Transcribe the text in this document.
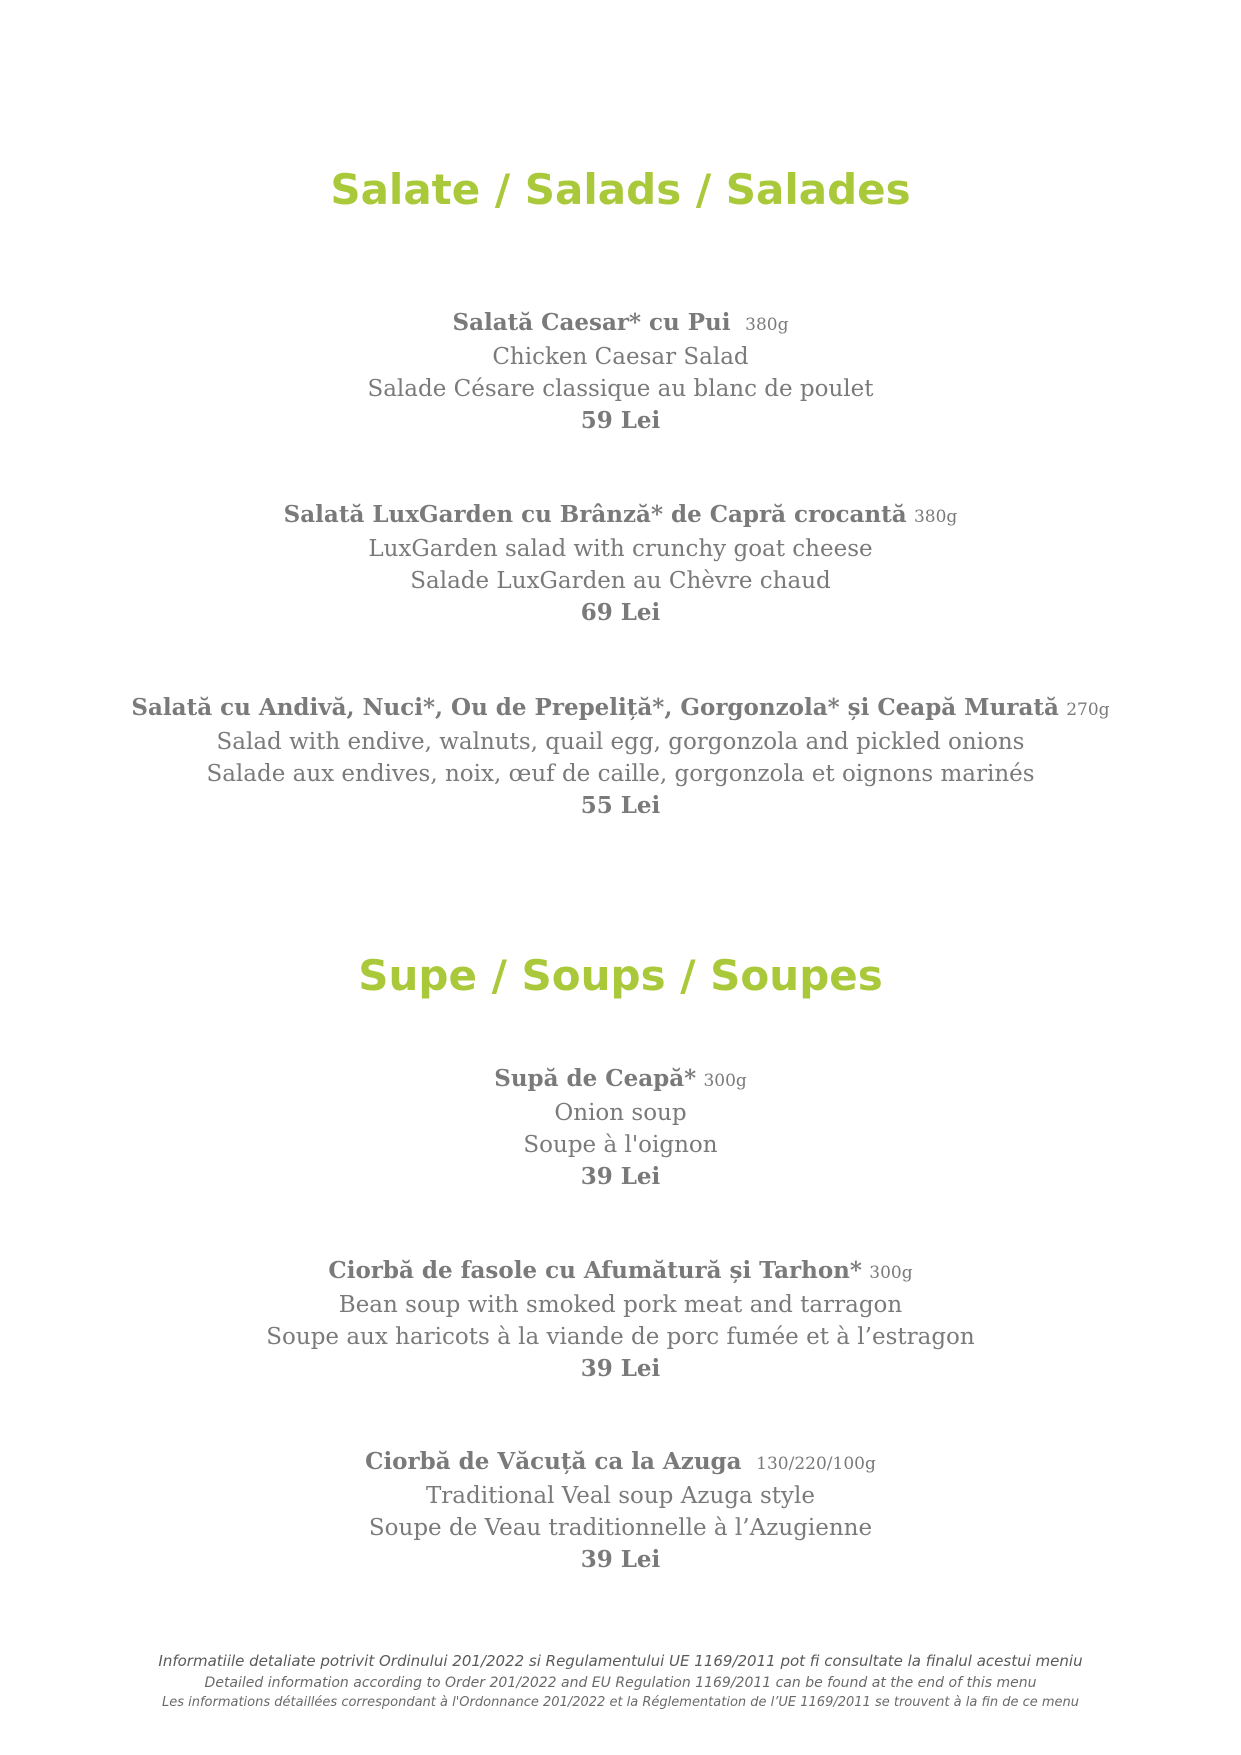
Salate / Salads / Salades
Salată Caesar* cu Pui 380g
Chicken Caesar Salad
Salade Césare classique au blanc de poulet
59 Lei
Salată LuxGarden cu Brânză* de Capră crocantă 380g
LuxGarden salad with crunchy goat cheese
Salade LuxGarden au Chèvre chaud
69 Lei
Salată cu Andivă, Nuci*, Ou de Prepeliță*, Gorgonzola* și Ceapă Murată 270g
Salad with endive, walnuts, quail egg, gorgonzola and pickled onions
Salade aux endives, noix, œuf de caille, gorgonzola et oignons marinés
55 Lei
Supe / Soups / Soupes
Supă de Ceapă* 300g
Onion soup
Soupe à l'oignon
39 Lei
Ciorbă de fasole cu Afumătură și Tarhon* 300g
Bean soup with smoked pork meat and tarragon
Soupe aux haricots à la viande de porc fumée et à l’estragon
39 Lei
Ciorbă de Văcuță ca la Azuga 130/220/100g
Traditional Veal soup Azuga style
Soupe de Veau traditionnelle à l’Azugienne
39 Lei
Informatiile detaliate potrivit Ordinului 201/2022 si Regulamentului UE 1169/2011 pot fi consultate la finalul acestui meniu
Detailed information according to Order 201/2022 and EU Regulation 1169/2011 can be found at the end of this menu
Les informations détaillées correspondant à l'Ordonnance 201/2022 et la Réglementation de l’UE 1169/2011 se trouvent à la fin de ce menu
